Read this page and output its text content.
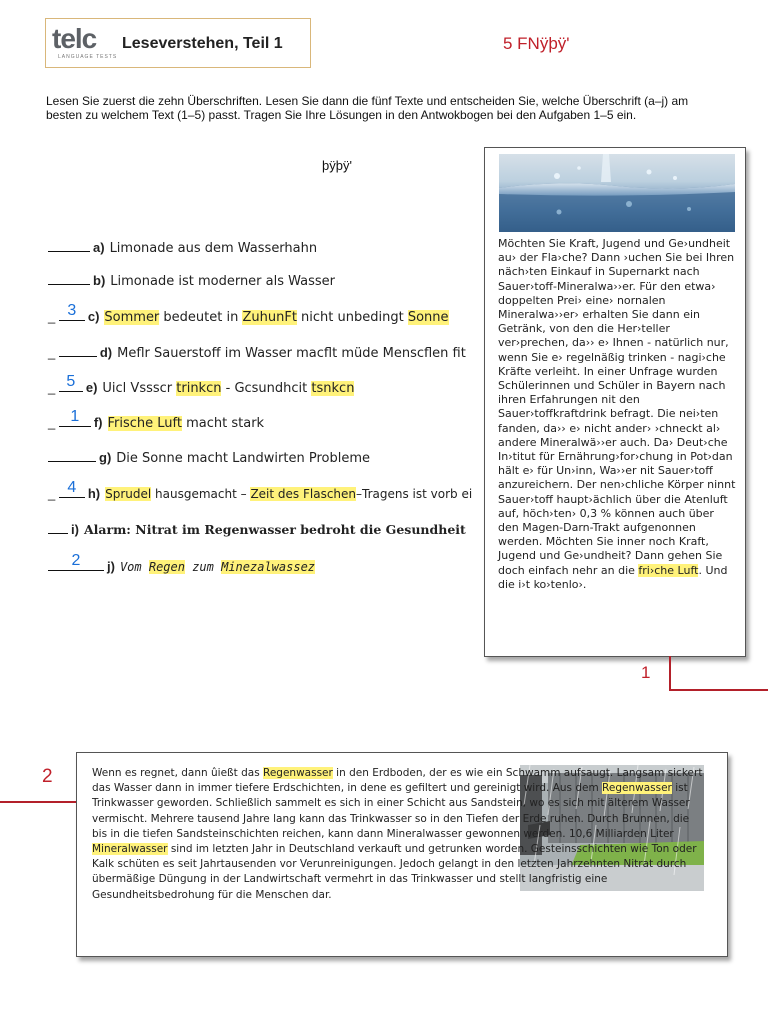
telc
LANGUAGE TESTS
Leseverstehen, Teil 1	5 FNÿþÿ'
Lesen Sie zuerst die zehn Überschriften. Lesen Sie dann die fünf Texte und entscheiden Sie, welche Überschrift (a–j) am besten zu welchem Text (1–5) passt. Tragen Sie Ihre Lösungen in den Antwokbogen bei den Aufgaben 1–5 ein.
þÿþÿ'
a) Limonade aus dem Wasserhahn
b) Limonade ist moderner als Wasser
_ 3 c) Sommer bedeutet in ZuhunFt nicht unbedingt Sonne
_	d) Meflr Sauerstoff im Wasser macflt müde Menscflen fit
_ 5 e) Uicl Vssscr trinkcn - Gcsundhcit tsnkcn
_ 1	f) Frische Luft macht stark
g) Die Sonne macht Landwirten Probleme
_ 4 h) Sprudel hausgemacht – Zeit des Flaschen–Tragens ist vorb ei
i) Alarm: Nitrat im Regenwasser bedroht die Gesundheit
2	j) Vom Regen zum Minezalwassez
Möchten Sie Kraft, Jugend und Ge›undheit au› der Fla›che? Dann ›uchen Sie bei Ihren näch›ten Einkauf in Supernarkt nach Sauer›toff-Mineralwa››er. Für den etwa› doppelten Prei› eine› nornalen Mineralwa››er› erhalten Sie dann ein Getränk, von den die Her›teller ver›prechen, da›› e› Ihnen - natürlich nur, wenn Sie e› regelnäßig trinken - nagi›che Kräfte verleiht. In einer Unfrage wurden Schülerinnen und Schüler in Bayern nach ihren Erfahrungen nit den Sauer›toffkraftdrink befragt. Die nei›ten fanden, da›› e› nicht ander› ›chneckt al› andere Mineralwä››er auch. Da› Deut›che In›titut für Ernährung›for›chung in Pot›dan hält e› für Un›inn, Wa››er nit Sauer›toff anzureichern. Der nen›chliche Körper ninnt Sauer›toff haupt›ächlich über die Atenluft auf, höch›ten› 0,3 % können auch über den Magen-Darn-Trakt aufgenonnen werden. Möchten Sie inner noch Kraft, Jugend und Ge›undheit? Dann gehen Sie doch einfach nehr an die fri›che Luft. Und die i›t ko›tenlo›.
1
2	Wenn es regnet, dann ûießt das Regenwasser in den Erdboden, der es wie ein Schwamm aufsaugt. Langsam sickert das Wasser dann in immer tiefere Erdschichten, in dene es gefiltert und gereinigt wird. Aus dem Regenwasser ist Trinkwasser geworden. Schließlich sammelt es sich in einer Schicht aus Sandstein, wo es sich mit älterem Wasser vermischt. Mehrere tausend Jahre lang kann das Trinkwasser so in den Tiefen der Erde ruhen. Durch Brunnen, die bis in die tiefen Sandsteinschichten reichen, kann dann Mineralwasser gewonnen werden. 10,6 Milliarden Liter Mineralwasser sind im letzten Jahr in Deutschland verkauft und getrunken worden. Gesteinsschichten wie Ton oder Kalk schüten es seit Jahrtausenden vor Verunreinigungen. Jedoch gelangt in den letzten Jahrzehnten Nitrat durch übermäßige Düngung in der Landwirtschaft vermehrt in das Trinkwasser und stellt langfristig eine Gesundheitsbedrohung für die Menschen dar.
